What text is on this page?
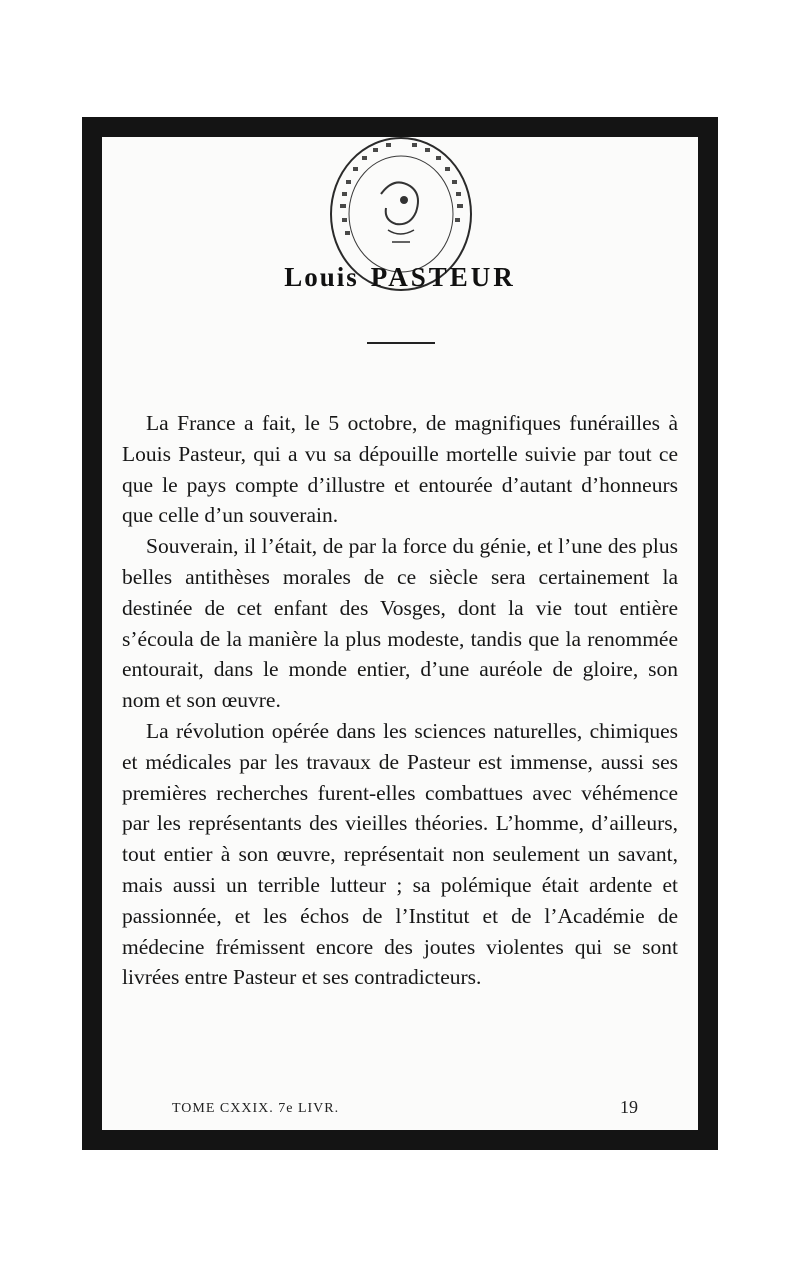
Louis PASTEUR

La France a fait, le 5 octobre, de magnifiques funérailles à Louis Pasteur, qui a vu sa dépouille mortelle suivie par tout ce que le pays compte d’illustre et entourée d’autant d’honneurs que celle d’un souverain.

Souverain, il l’était, de par la force du génie, et l’une des plus belles antithèses morales de ce siècle sera certainement la destinée de cet enfant des Vosges, dont la vie tout entière s’écoula de la manière la plus modeste, tandis que la renommée entourait, dans le monde entier, d’une auréole de gloire, son nom et son œuvre.

La révolution opérée dans les sciences naturelles, chimiques et médicales par les travaux de Pasteur est immense, aussi ses premières recherches furent-elles combattues avec véhémence par les représentants des vieilles théories. L’homme, d’ailleurs, tout entier à son œuvre, représentait non seulement un savant, mais aussi un terrible lutteur ; sa polémique était ardente et passionnée, et les échos de l’Institut et de l’Académie de médecine frémissent encore des joutes violentes qui se sont livrées entre Pasteur et ses contradicteurs.

TOME CXXIX. 7e LIVR.	19
